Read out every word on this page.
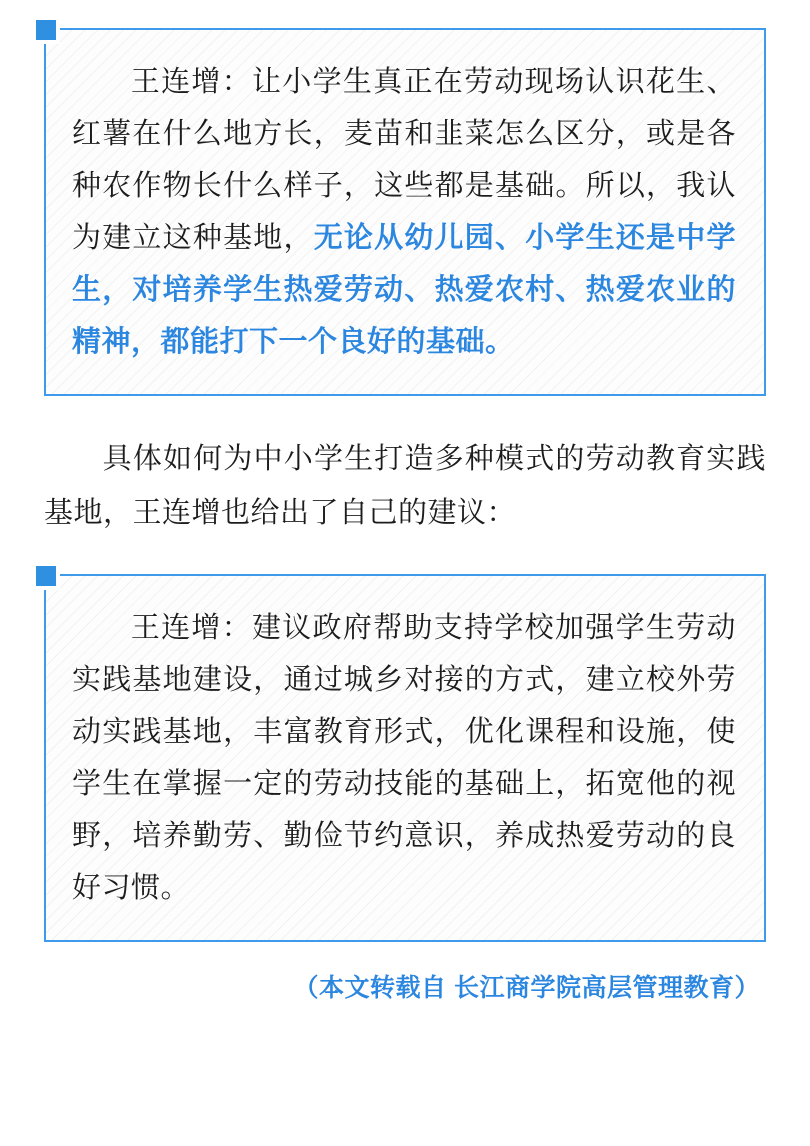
王连增：让小学生真正在劳动现场认识花生、红薯在什么地方长，麦苗和韭菜怎么区分，或是各种农作物长什么样子，这些都是基础。所以，我认为建立这种基地，无论从幼儿园、小学生还是中学生，对培养学生热爱劳动、热爱农村、热爱农业的精神，都能打下一个良好的基础。

具体如何为中小学生打造多种模式的劳动教育实践基地，王连增也给出了自己的建议：

王连增：建议政府帮助支持学校加强学生劳动实践基地建设，通过城乡对接的方式，建立校外劳动实践基地，丰富教育形式，优化课程和设施，使学生在掌握一定的劳动技能的基础上，拓宽他的视野，培养勤劳、勤俭节约意识，养成热爱劳动的良好习惯。

（本文转载自 长江商学院高层管理教育）
